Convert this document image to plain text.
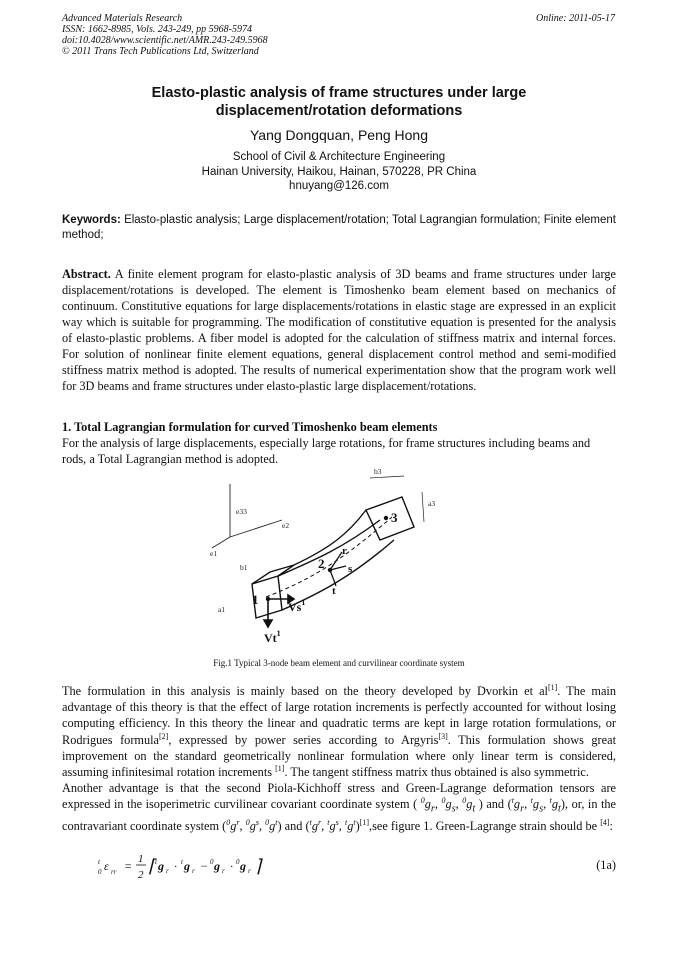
Advanced Materials Research
ISSN: 1662-8985, Vols. 243-249, pp 5968-5974
doi:10.4028/www.scientific.net/AMR.243-249.5968
© 2011 Trans Tech Publications Ltd, Switzerland
Online: 2011-05-17
Elasto-plastic analysis of frame structures under large
displacement/rotation deformations
Yang Dongquan, Peng Hong
School of Civil & Architecture Engineering
Hainan University, Haikou, Hainan, 570228, PR China
hnuyang@126.com
Keywords: Elasto-plastic analysis; Large displacement/rotation; Total Lagrangian formulation; Finite element method;
Abstract. A finite element program for elasto-plastic analysis of 3D beams and frame structures under large displacement/rotations is developed. The element is Timoshenko beam element based on mechanics of continuum. Constitutive equations for large displacements/rotations in elastic stage are expressed in an explicit way which is suitable for programming. The modification of constitutive equation is presented for the analysis of elasto-plastic problems. A fiber model is adopted for the calculation of stiffness matrix and internal forces. For solution of nonlinear finite element equations, general displacement control method and semi-modified stiffness matrix method is adopted. The results of numerical experimentation show that the program work well for 3D beams and frame structures under elasto-plastic large displacement/rotations.
1. Total Lagrangian formulation for curved Timoshenko beam elements
For the analysis of large displacements, especially large rotations, for frame structures including beams and rods, a Total Lagrangian method is adopted.
e33
e2
e1
b1
a1
b3
a3
1
2
3
r
s
t
Vs$^1$
Vt$^1$
Fig.1 Typical 3-node beam element and curvilinear coordinate system
The formulation in this analysis is mainly based on the theory developed by Dvorkin et al[1]. The main advantage of this theory is that the effect of large rotation increments is perfectly accounted for without losing computing efficiency. In this theory the linear and quadratic terms are kept in large rotation formulations, or Rodrigues formula[2], expressed by power series according to Argyris[3]. This formulation shows great improvement on the standard geometrically nonlinear formulation where only linear term is considered, assuming infinitesimal rotation increments [1]. The tangent stiffness matrix thus obtained is also symmetric.
Another advantage is that the second Piola-Kichhoff stress and Green-Lagrange deformation tensors are expressed in the isoperimetric curvilinear covariant coordinate system ( $^0g_r$, $^0g_s$, $^0g_t$ ) and ($^tg_r$, $^tg_s$, $^tg_t$), or, in the contravariant coordinate system ($^0g^r$, $^0g^s$, $^0g^t$) and ($^tg^r$, $^tg^s$, $^tg^t)[1],see$ figure 1. Green-Lagrange strain should be [4]:
ε
t
0 rr = 1
2 ⌈ g
t
r · g
t
r − g
0
r · g
0
r ⌉	(1a)
